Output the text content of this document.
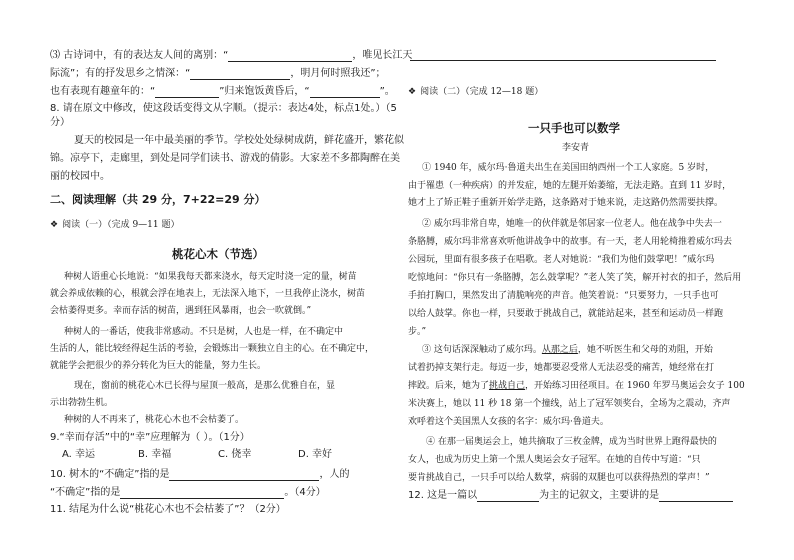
⑶ 古诗词中，有的表达友人间的离别：“	，唯见长江天
际流”；有的抒发思乡之情深：“	，明月何时照我还”；
也有表现有趣童年的：“	”归来饱饭黄昏后，“	”。
8. 请在原文中修改，使这段话变得文从字顺。（提示：表达4处，标点1处。）（5
分）
夏天的校园是一年中最美丽的季节。学校处处绿树成荫，鲜花盛开，繁花似
锦。凉亭下，走廊里，到处是同学们读书、游戏的倩影。大家差不多都陶醉在美
丽的校园中。
二、阅读理解（共 29 分，7+22=29 分）
❖ 阅读（一）（完成 9—11 题）
桃花心木（节选）
种树人语重心长地说：“如果我每天都来浇水，每天定时浇一定的量，树苗
就会养成依赖的心，根就会浮在地表上，无法深入地下，一旦我停止浇水，树苗
会枯萎得更多。幸而存活的树苗，遇到狂风暴雨，也会一吹就倒。”
种树人的一番话，使我非常感动。不只是树，人也是一样，在不确定中
生活的人，能比较经得起生活的考验，会锻炼出一颗独立自主的心。在不确定中，
就能学会把很少的养分转化为巨大的能量，努力生长。
现在，窗前的桃花心木已长得与屋顶一般高，是那么优雅自在，显
示出勃勃生机。
种树的人不再来了，桃花心木也不会枯萎了。
9.“幸而存活”中的“幸”应理解为（ ）。（1分）
A. 幸运	B. 幸福	C. 侥幸	D. 幸好
10. 树木的“不确定”指的是	，人的
“不确定”指的是	。（4分）
11. 结尾为什么说“桃花心木也不会枯萎了”？（2分）
❖ 阅读（二）（完成 12—18 题）
一只手也可以数学
李安青
① 1940 年，威尔玛·鲁道夫出生在美国田纳西州一个工人家庭。5 岁时，
由于罹患（一种疾病）的并发症，她的左腿开始萎缩，无法走路。直到 11 岁时，
她才上了矫正鞋子重新开始学走路，这条路对于她来说，走这路仍然需要扶撑。
② 威尔玛非常自卑，她唯一的伙伴就是邻居家一位老人。他在战争中失去一
条胳膊，威尔玛非常喜欢听他讲战争中的故事。有一天，老人用轮椅推着威尔玛去
公园玩，里面有很多孩子在唱歌。老人对她说：“我们为他们鼓掌吧！”威尔玛
吃惊地问：“你只有一条胳膊，怎么鼓掌呢？”老人笑了笑，解开衬衣的扣子，然后用
手拍打胸口，果然发出了清脆响亮的声音。他笑着说：“只要努力，一只手也可
以给人鼓掌。你也一样，只要敢于挑战自己，就能站起来，甚至和运动员一样跑
步。”
③ 这句话深深触动了威尔玛。从那之后，她不听医生和父母的劝阻，开始
试着扔掉支架行走。每迈一步，她都要忍受常人无法忍受的痛苦，她经常在打
摔跤。后来，她为了挑战自己，开始练习田径项目。在 1960 年罗马奥运会女子 100
米决赛上，她以 11 秒 18 第一个撞线，站上了冠军领奖台，全场为之震动，齐声
欢呼着这个美国黑人女孩的名字：威尔玛·鲁道夫。
④ 在那一届奥运会上，她共摘取了三枚金牌，成为当时世界上跑得最快的
女人，也成为历史上第一个黑人奥运会女子冠军。在她的自传中写道：“只
要肯挑战自己，一只手可以给人数掌，病弱的双腿也可以获得热烈的掌声！”
12. 这是一篇以	为主的记叙文，主要讲的是
